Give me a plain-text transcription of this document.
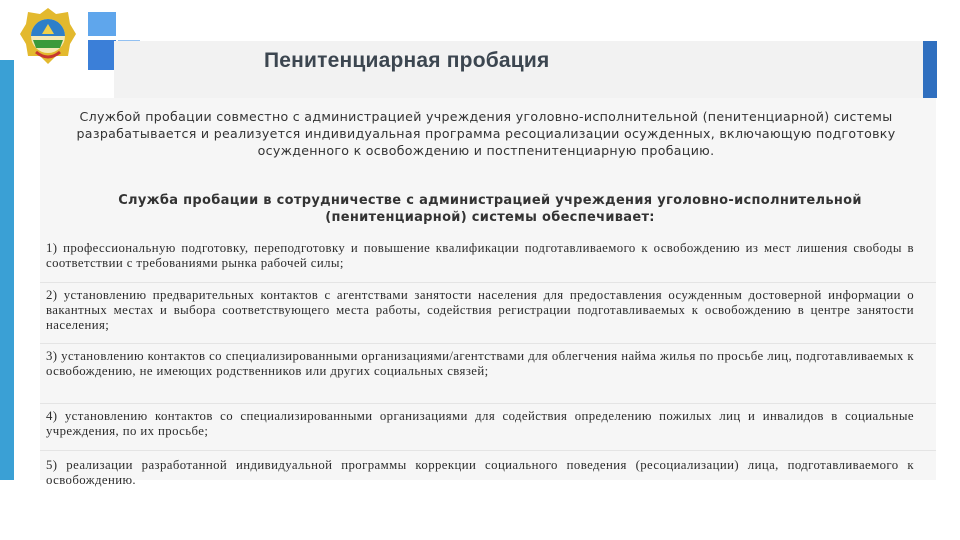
Пенитенциарная пробация
Службой пробации совместно с администрацией учреждения уголовно-исполнительной (пенитенциарной) системы разрабатывается и реализуется индивидуальная программа ресоциализации осужденных, включающую подготовку осужденного к освобождению и постпенитенциарную пробацию.
Служба пробации в сотрудничестве с администрацией учреждения уголовно-исполнительной (пенитенциарной) системы обеспечивает:
1) профессиональную подготовку, переподготовку и повышение квалификации подготавливаемого к освобождению из мест лишения свободы в соответствии с требованиями рынка рабочей силы;
2) установлению предварительных контактов с агентствами занятости населения для предоставления осужденным достоверной информации о вакантных местах и выбора соответствующего места работы, содействия регистрации подготавливаемых к освобождению в центре занятости населения;
3) установлению контактов со специализированными организациями/агентствами для облегчения найма жилья по просьбе лиц, подготавливаемых к освобождению, не имеющих родственников или других социальных связей;
4) установлению контактов со специализированными организациями для содействия определению пожилых лиц и инвалидов в социальные учреждения, по их просьбе;
5) реализации разработанной индивидуальной программы коррекции социального поведения (ресоциализации) лица, подготавливаемого к освобождению.
